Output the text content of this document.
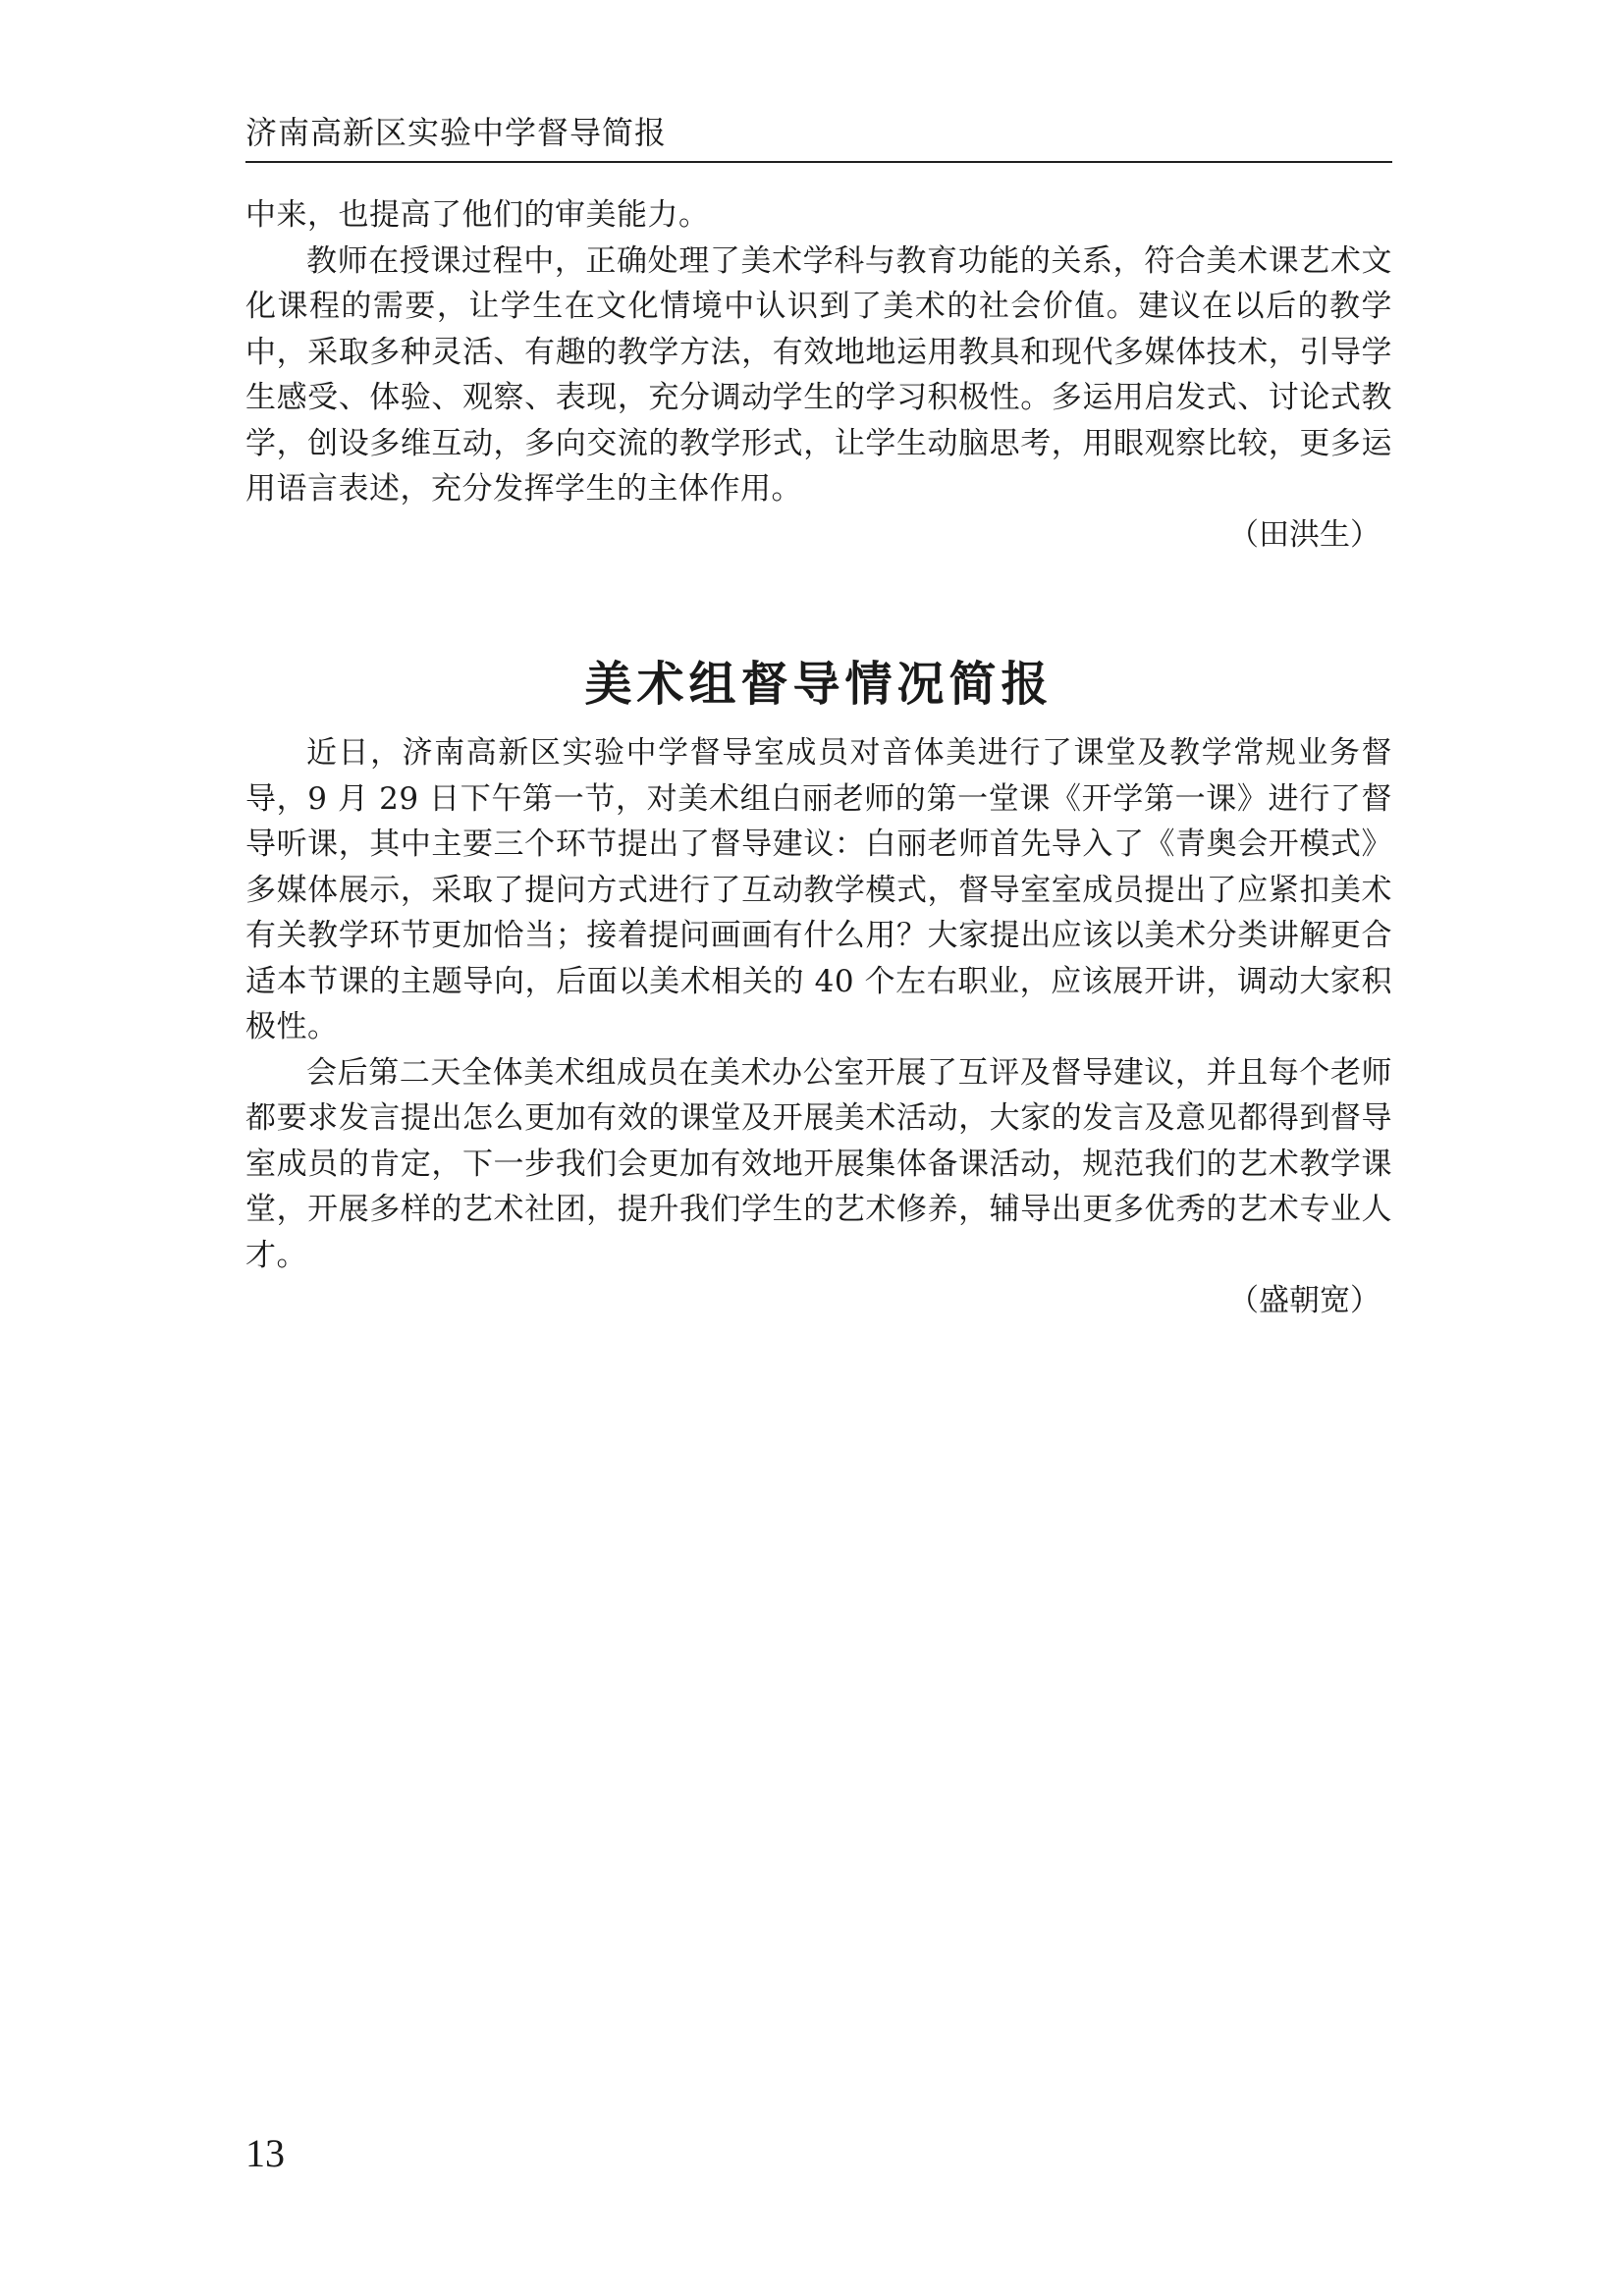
济南高新区实验中学督导简报

中来，也提高了他们的审美能力。

教师在授课过程中，正确处理了美术学科与教育功能的关系，符合美术课艺术文化课程的需要，让学生在文化情境中认识到了美术的社会价值。建议在以后的教学中，采取多种灵活、有趣的教学方法，有效地地运用教具和现代多媒体技术，引导学生感受、体验、观察、表现，充分调动学生的学习积极性。多运用启发式、讨论式教学，创设多维互动，多向交流的教学形式，让学生动脑思考，用眼观察比较，更多运用语言表述，充分发挥学生的主体作用。

（田洪生）

美术组督导情况简报

近日，济南高新区实验中学督导室成员对音体美进行了课堂及教学常规业务督导，9 月 29 日下午第一节，对美术组白丽老师的第一堂课《开学第一课》进行了督导听课，其中主要三个环节提出了督导建议：白丽老师首先导入了《青奥会开模式》多媒体展示，采取了提问方式进行了互动教学模式，督导室室成员提出了应紧扣美术有关教学环节更加恰当；接着提问画画有什么用？大家提出应该以美术分类讲解更合适本节课的主题导向，后面以美术相关的 40 个左右职业，应该展开讲，调动大家积极性。

会后第二天全体美术组成员在美术办公室开展了互评及督导建议，并且每个老师都要求发言提出怎么更加有效的课堂及开展美术活动，大家的发言及意见都得到督导室成员的肯定，下一步我们会更加有效地开展集体备课活动，规范我们的艺术教学课堂，开展多样的艺术社团，提升我们学生的艺术修养，辅导出更多优秀的艺术专业人才。

（盛朝宽）

13
